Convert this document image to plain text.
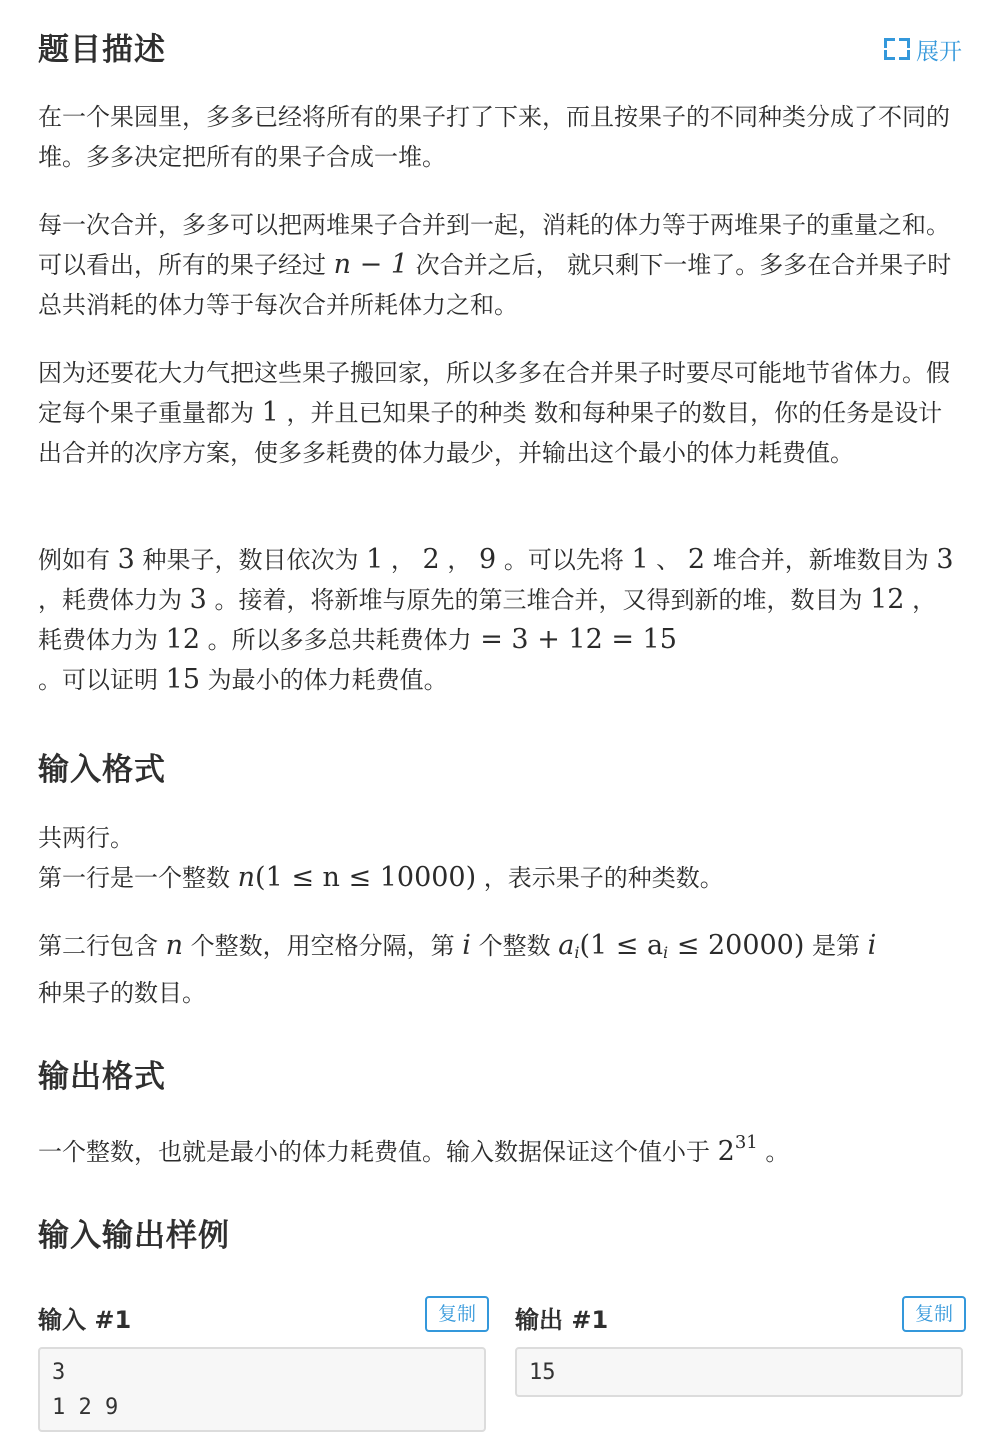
题目描述	展开
在一个果园里，多多已经将所有的果子打了下来，而且按果子的不同种类分成了不同的堆。多多决定把所有的果子合成一堆。
每一次合并，多多可以把两堆果子合并到一起，消耗的体力等于两堆果子的重量之和。可以看出，所有的果子经过 n − 1 次合并之后， 就只剩下一堆了。多多在合并果子时总共消耗的体力等于每次合并所耗体力之和。
因为还要花大力气把这些果子搬回家，所以多多在合并果子时要尽可能地节省体力。假定每个果子重量都为 1 ，并且已知果子的种类 数和每种果子的数目，你的任务是设计出合并的次序方案，使多多耗费的体力最少，并输出这个最小的体力耗费值。
例如有 3 种果子，数目依次为 1 ， 2 ， 9 。可以先将 1 、 2 堆合并，新堆数目为 3 ，耗费体力为 3 。接着，将新堆与原先的第三堆合并，又得到新的堆，数目为 12 ，耗费体力为 12 。所以多多总共耗费体力 = 3 + 12 = 15
。可以证明 15 为最小的体力耗费值。
输入格式
共两行。
第一行是一个整数 n(1 ≤ n ≤ 10000) ，表示果子的种类数。
第二行包含 n 个整数，用空格分隔，第 i 个整数 $a_i(1 \le a_i \le 20000)$ 是第 i
种果子的数目。
输出格式
一个整数，也就是最小的体力耗费值。输入数据保证这个值小于 $2^{31}$ 。
输入输出样例
输入 #1	复制
3
1 2 9
输出 #1	复制
15
